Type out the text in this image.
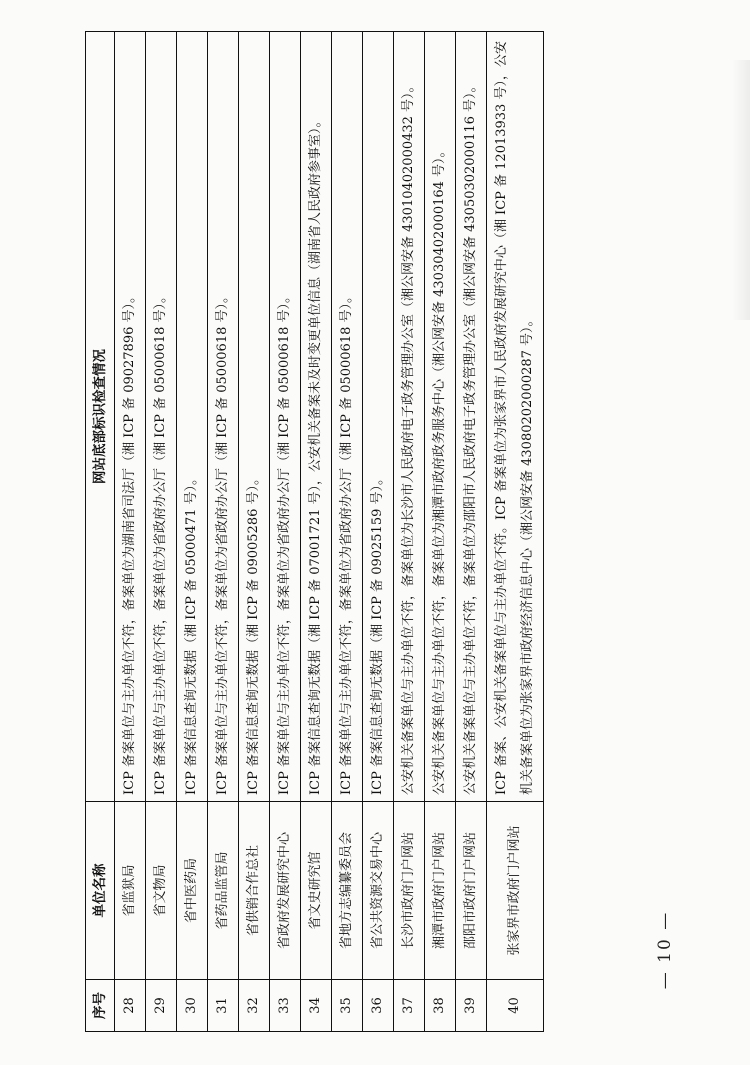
序号	单位名称	网站底部标识检查情况
28	省监狱局	ICP 备案单位与主办单位不符，备案单位为湖南省司法厅（湘 ICP 备 09027896 号）。
29	省文物局	ICP 备案单位与主办单位不符，备案单位为省政府办公厅（湘 ICP 备 05000618 号）。
30	省中医药局	ICP 备案信息查询无数据（湘 ICP 备 05000471 号）。
31	省药品监管局	ICP 备案单位与主办单位不符，备案单位为省政府办公厅（湘 ICP 备 05000618 号）。
32	省供销合作总社	ICP 备案信息查询无数据（湘 ICP 备 09005286 号）。
33	省政府发展研究中心	ICP 备案单位与主办单位不符，备案单位为省政府办公厅（湘 ICP 备 05000618 号）。
34	省文史研究馆	ICP 备案信息查询无数据（湘 ICP 备 07001721 号），公安机关备案未及时变更单位信息（湖南省人民政府参事室）。
35	省地方志编纂委员会	ICP 备案单位与主办单位不符，备案单位为省政府办公厅（湘 ICP 备 05000618 号）。
36	省公共资源交易中心	ICP 备案信息查询无数据（湘 ICP 备 09025159 号）。
37	长沙市政府门户网站	公安机关备案单位与主办单位不符，备案单位为长沙市人民政府电子政务管理办公室（湘公网安备 43010402000432 号）。
38	湘潭市政府门户网站	公安机关备案单位与主办单位不符，备案单位为湘潭市政府政务服务中心（湘公网安备 43030402000164 号）。
39	邵阳市政府门户网站	公安机关备案单位与主办单位不符，备案单位为邵阳市人民政府电子政务管理办公室（湘公网安备 43050302000116 号）。
40	张家界市政府门户网站	ICP 备案、公安机关备案单位与主办单位不符。ICP 备案单位为张家界市人民政府发展研究中心（湘 ICP 备 12013933 号），公安机关备案单位为张家界市政府经济信息中心（湘公网安备 43080202000287 号）。
— 10 —
